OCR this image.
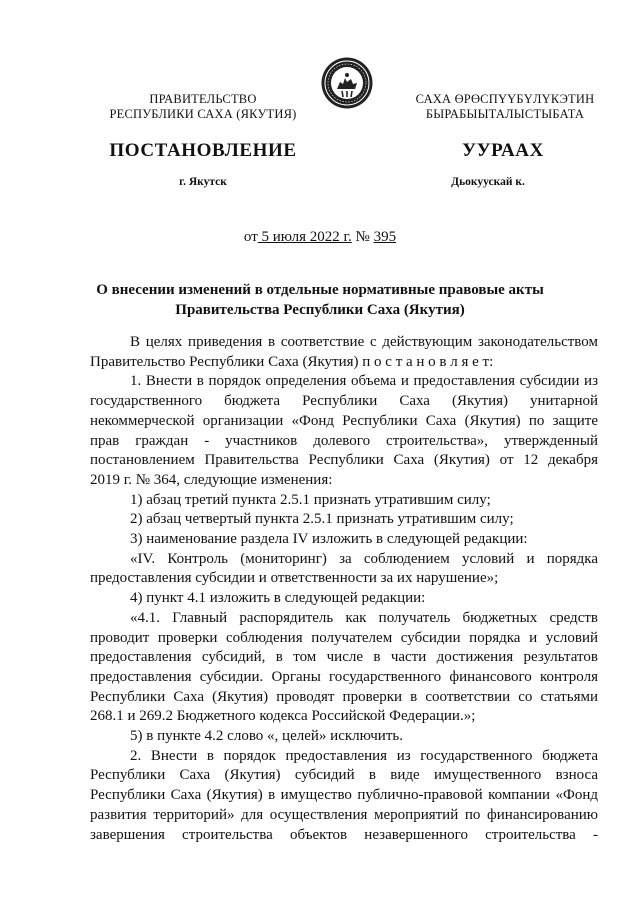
ПРАВИТЕЛЬСТВО
РЕСПУБЛИКИ САХА (ЯКУТИЯ)
САХА ӨРӨСПҮҮБҮЛҮКЭТИН
БЫРАБЫЫТАЛЫСТЫБАТА
ПОСТАНОВЛЕНИЕ	УУРААХ
г. Якутск	Дьокуускай к.
от 5 июля 2022 г. № 395
О внесении изменений в отдельные нормативные правовые акты
Правительства Республики Саха (Якутия)

В целях приведения в соответствие с действующим законодательством

Правительство Республики Саха (Якутия) п о с т а н о в л я е т:

1. Внести в порядок определения объема и предоставления субсидии из

государственного бюджета Республики Саха (Якутия) унитарной

некоммерческой организации «Фонд Республики Саха (Якутия) по защите

прав граждан - участников долевого строительства», утвержденный

постановлением Правительства Республики Саха (Якутия) от 12 декабря

2019 г. № 364, следующие изменения:

1) абзац третий пункта 2.5.1 признать утратившим силу;

2) абзац четвертый пункта 2.5.1 признать утратившим силу;

3) наименование раздела IV изложить в следующей редакции:

«IV. Контроль (мониторинг) за соблюдением условий и порядка

предоставления субсидии и ответственности за их нарушение»;

4) пункт 4.1 изложить в следующей редакции:

«4.1. Главный распорядитель как получатель бюджетных средств

проводит проверки соблюдения получателем субсидии порядка и условий

предоставления субсидий, в том числе в части достижения результатов

предоставления субсидии. Органы государственного финансового контроля

Республики Саха (Якутия) проводят проверки в соответствии со статьями

268.1 и 269.2 Бюджетного кодекса Российской Федерации.»;

5) в пункте 4.2 слово «, целей» исключить.

2. Внести в порядок предоставления из государственного бюджета

Республики Саха (Якутия) субсидий в виде имущественного взноса

Республики Саха (Якутия) в имущество публично-правовой компании «Фонд

развития территорий» для осуществления мероприятий по финансированию

завершения строительства объектов незавершенного строительства -
